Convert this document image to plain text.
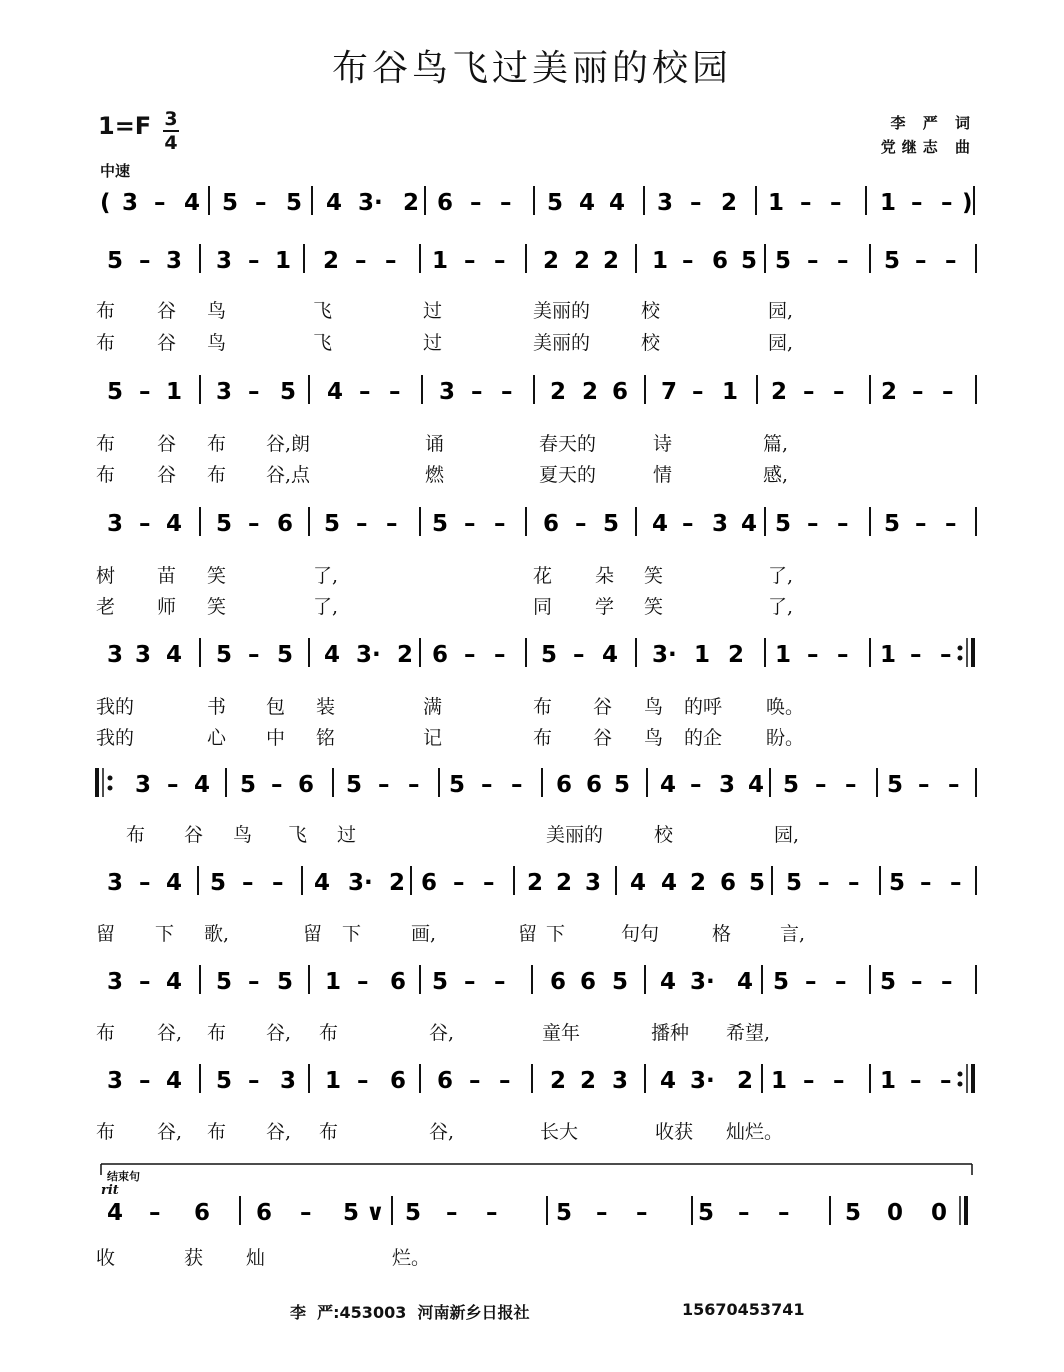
布谷鸟飞过美丽的校园
1=F 3
4
中速
李 严 词
党继志 曲
( 3 – 4 5 – 5 4 3· 2 6 – – 5 4 4 3 – 2 1 – – 1 – – )
5 – 3 3 – 1 2 – – 1 – – 2 2 2 1 – 6 5 5 – – 5 – –
5 – 1 3 – 5 4 – – 3 – – 2 2 6 7 – 1 2 – – 2 – –
3 – 4 5 – 6 5 – – 5 – – 6 – 5 4 – 3 4 5 – – 5 – –
3 3 4 5 – 5 4 3· 2 6 – – 5 – 4 3· 1 2 1 – – 1 – –
3 – 4 5 – 6 5 – – 5 – – 6 6 5 4 – 3 4 5 – – 5 – –
3 – 4 5 – – 4 3· 2 6 – – 2 2 3 4 4 2 6 5 5 – – 5 – –
3 – 4 5 – 5 1 – 6 5 – – 6 6 5 4 3· 4 5 – – 5 – –
3 – 4 5 – 3 1 – 6 6 – – 2 2 3 4 3· 2 1 – – 1 – –
4 – 6 6 – 5 ∨ 5 – –	5 – – 5 – – 5 0 0
布 谷 鸟	飞	过	美丽的	校	园,
布 谷 鸟	飞	过	美丽的	校	园,
布 谷 布 谷,朗	诵	春天的	诗	篇,
布 谷 布 谷,点	燃	夏天的	情	感,
树 苗 笑	了,	花 朵 笑	了,
老 师 笑	了,	同 学 笑	了,
我的	书 包 装	满	布 谷 鸟 的呼 唤。
我的	心 中 铭	记	布 谷 鸟 的企 盼。
布 谷 鸟 飞 过	美丽的	校	园,
留 下 歌,	留 下	画,	留 下	句句	格	言,
布 谷, 布 谷, 布	谷,	童年	播种 希望,
布 谷, 布 谷, 布	谷,	长大	收获 灿烂。
收	获 灿	烂。
结束句
rit
李  严:453003  河南新乡日报社	15670453741
